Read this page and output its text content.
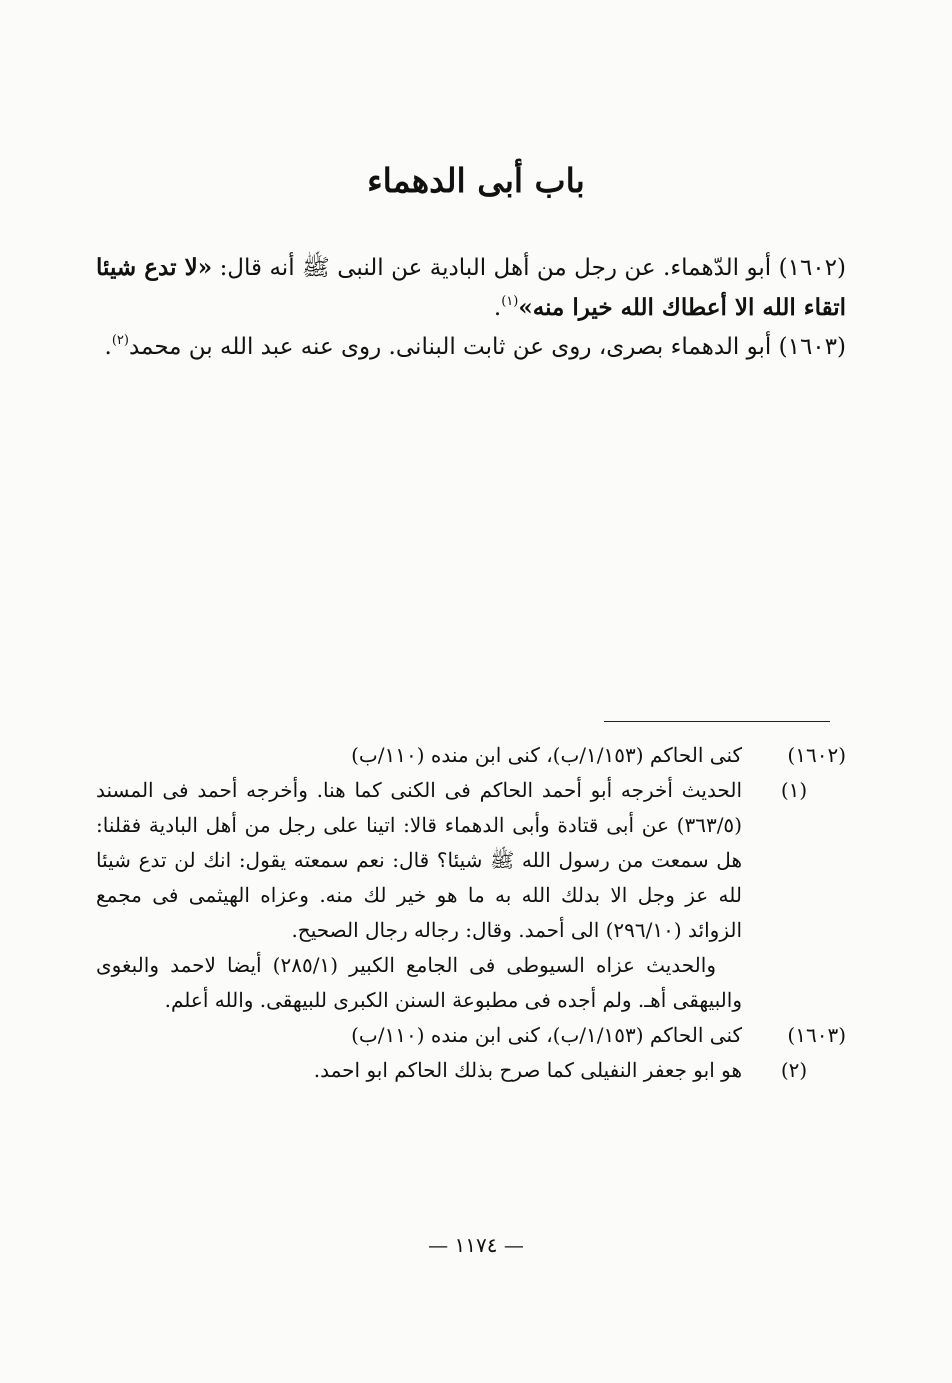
باب أبى الدهماء

(١٦٠٢) أبو الدّهماء. عن رجل من أهل البادية عن النبى ﷺ أنه قال: «لا تدع شيئا اتقاء الله الا أعطاك الله خيرا منه»$^{(١)}$.

(١٦٠٣) أبو الدهماء بصرى، روى عن ثابت البنانى. روى عنه عبد الله بن محمد$^{(٢)}$.

(١٦٠٢)
كنى الحاكم (١/١٥٣/ب)، كنى ابن منده (١١٠/ب)
(١)
الحديث أخرجه أبو أحمد الحاكم فى الكنى كما هنا. وأخرجه أحمد فى المسند (٣٦٣/٥) عن أبى قتادة وأبى الدهماء قالا: اتينا على رجل من أهل البادية فقلنا: هل سمعت من رسول الله ﷺ شيئا؟ قال: نعم سمعته يقول: انك لن تدع شيئا لله عز وجل الا بدلك الله به ما هو خير لك منه. وعزاه الهيثمى فى مجمع الزوائد (٢٩٦/١٠) الى أحمد. وقال: رجاله رجال الصحيح.
والحديث عزاه السيوطى فى الجامع الكبير (٢٨٥/١) أيضا لاحمد والبغوى والبيهقى أهـ. ولم أجده فى مطبوعة السنن الكبرى للبيهقى. والله أعلم.
(١٦٠٣)
كنى الحاكم (١/١٥٣/ب)، كنى ابن منده (١١٠/ب)
(٢)
هو ابو جعفر النفيلى كما صرح بذلك الحاكم ابو احمد.
— ١١٧٤ —
